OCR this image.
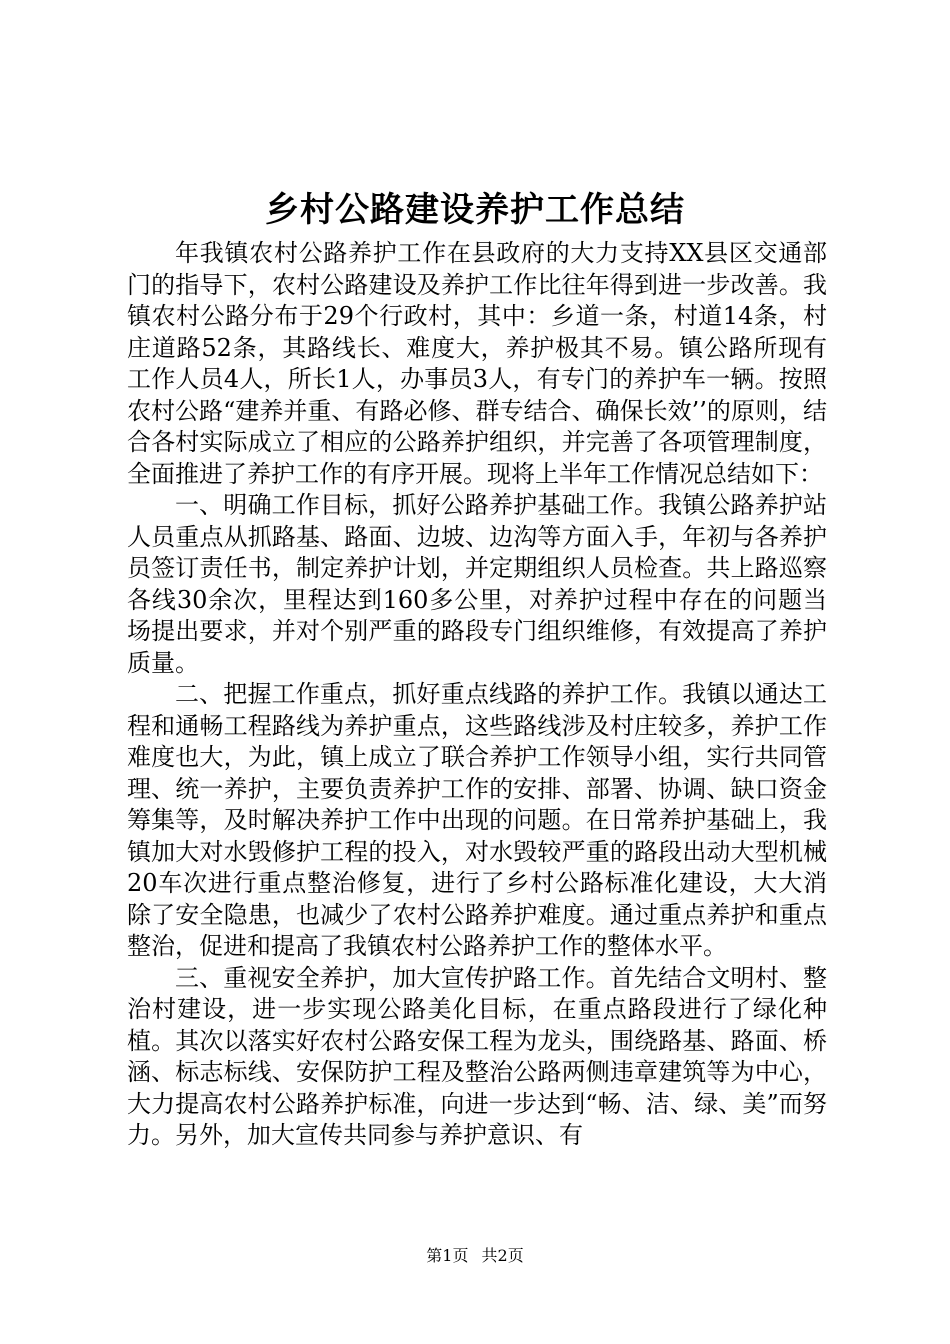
乡村公路建设养护工作总结

年我镇农村公路养护工作在县政府的大力支持XX县区交通部门的指导下，农村公路建设及养护工作比往年得到进一步改善。我镇农村公路分布于29个行政村，其中：乡道一条，村道14条，村庄道路52条，其路线长、难度大，养护极其不易。镇公路所现有工作人员4人，所长1人，办事员3人，有专门的养护车一辆。按照农村公路“建养并重、有路必修、群专结合、确保长效’’的原则，结合各村实际成立了相应的公路养护组织，并完善了各项管理制度，全面推进了养护工作的有序开展。现将上半年工作情况总结如下：

一、明确工作目标，抓好公路养护基础工作。我镇公路养护站人员重点从抓路基、路面、边坡、边沟等方面入手，年初与各养护员签订责任书，制定养护计划，并定期组织人员检查。共上路巡察各线30余次，里程达到160多公里，对养护过程中存在的问题当场提出要求，并对个别严重的路段专门组织维修，有效提高了养护质量。

二、把握工作重点，抓好重点线路的养护工作。我镇以通达工程和通畅工程路线为养护重点，这些路线涉及村庄较多，养护工作难度也大，为此，镇上成立了联合养护工作领导小组，实行共同管理、统一养护，主要负责养护工作的安排、部署、协调、缺口资金筹集等，及时解决养护工作中出现的问题。在日常养护基础上，我镇加大对水毁修护工程的投入，对水毁较严重的路段出动大型机械20车次进行重点整治修复，进行了乡村公路标准化建设，大大消除了安全隐患，也减少了农村公路养护难度。通过重点养护和重点整治，促进和提高了我镇农村公路养护工作的整体水平。

三、重视安全养护，加大宣传护路工作。首先结合文明村、整治村建设，进一步实现公路美化目标，在重点路段进行了绿化种植。其次以落实好农村公路安保工程为龙头，围绕路基、路面、桥涵、标志标线、安保防护工程及整治公路两侧违章建筑等为中心，大力提高农村公路养护标准，向进一步达到“畅、洁、绿、美”而努力。另外，加大宣传共同参与养护意识、有

第1页 共2页
